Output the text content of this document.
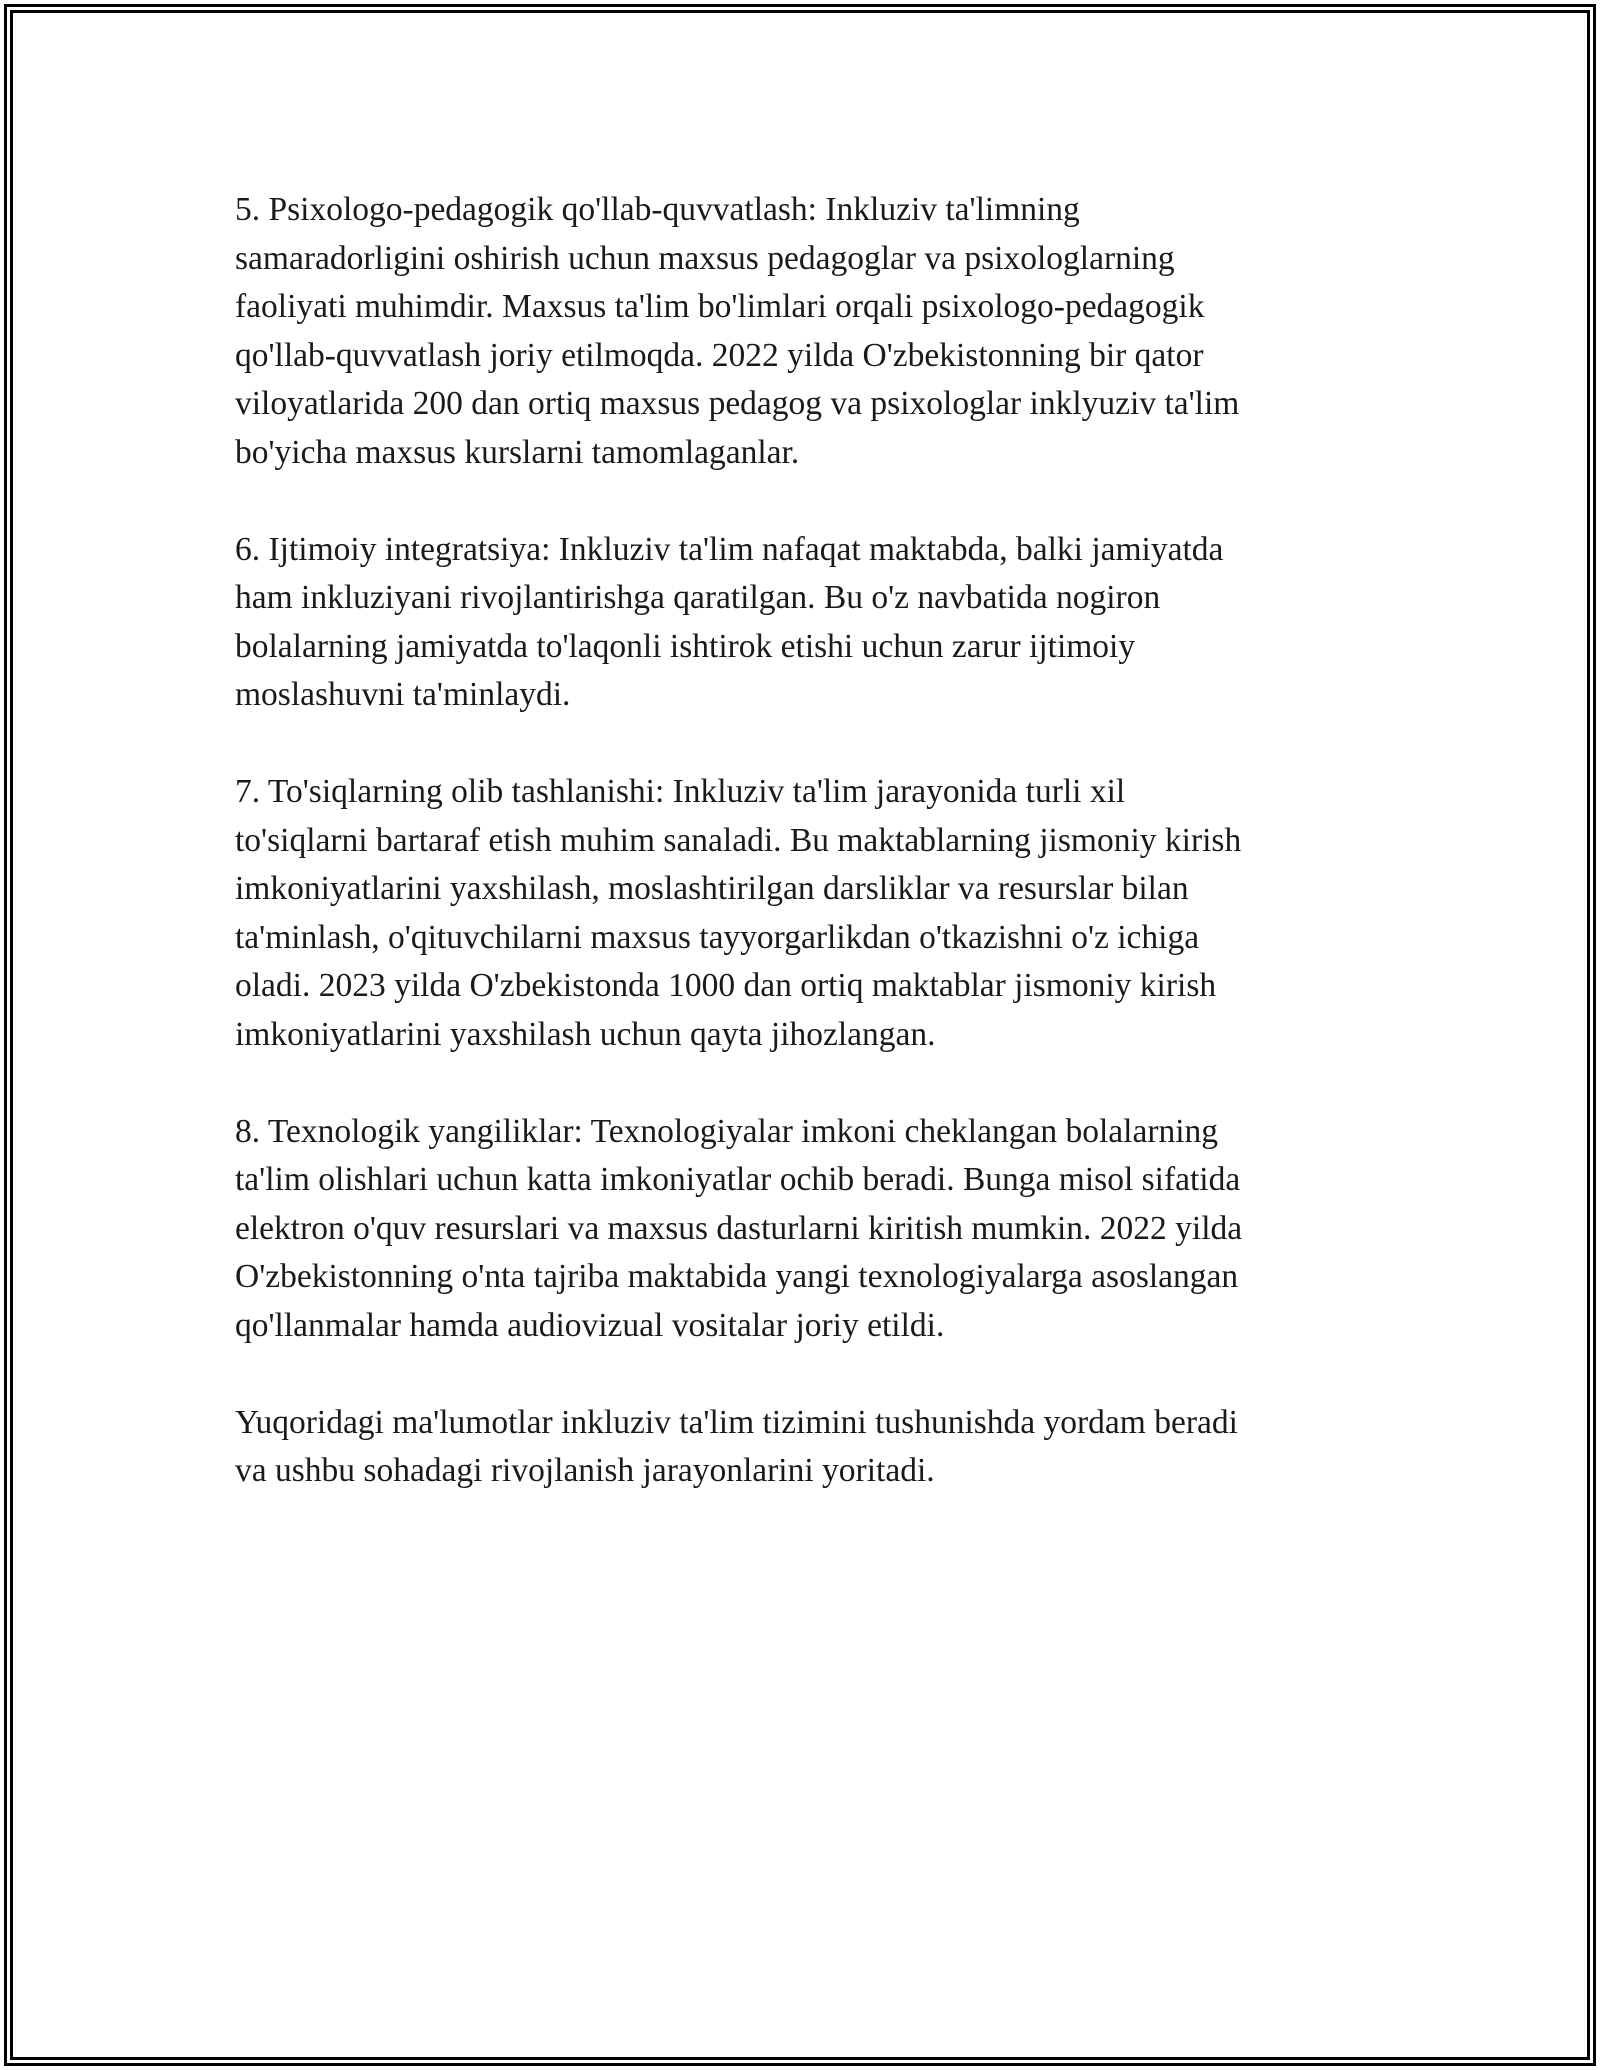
5. Psixologo-pedagogik qo'llab-quvvatlash: Inkluziv ta'limning
samaradorligini oshirish uchun maxsus pedagoglar va psixologlarning
faoliyati muhimdir. Maxsus ta'lim bo'limlari orqali psixologo-pedagogik
qo'llab-quvvatlash joriy etilmoqda. 2022 yilda O'zbekistonning bir qator
viloyatlarida 200 dan ortiq maxsus pedagog va psixologlar inklyuziv ta'lim
bo'yicha maxsus kurslarni tamomlaganlar.

6. Ijtimoiy integratsiya: Inkluziv ta'lim nafaqat maktabda, balki jamiyatda
ham inkluziyani rivojlantirishga qaratilgan. Bu o'z navbatida nogiron
bolalarning jamiyatda to'laqonli ishtirok etishi uchun zarur ijtimoiy
moslashuvni ta'minlaydi.

7. To'siqlarning olib tashlanishi: Inkluziv ta'lim jarayonida turli xil
to'siqlarni bartaraf etish muhim sanaladi. Bu maktablarning jismoniy kirish
imkoniyatlarini yaxshilash, moslashtirilgan darsliklar va resurslar bilan
ta'minlash, o'qituvchilarni maxsus tayyorgarlikdan o'tkazishni o'z ichiga
oladi. 2023 yilda O'zbekistonda 1000 dan ortiq maktablar jismoniy kirish
imkoniyatlarini yaxshilash uchun qayta jihozlangan.

8. Texnologik yangiliklar: Texnologiyalar imkoni cheklangan bolalarning
ta'lim olishlari uchun katta imkoniyatlar ochib beradi. Bunga misol sifatida
elektron o'quv resurslari va maxsus dasturlarni kiritish mumkin. 2022 yilda
O'zbekistonning o'nta tajriba maktabida yangi texnologiyalarga asoslangan
qo'llanmalar hamda audiovizual vositalar joriy etildi.

Yuqoridagi ma'lumotlar inkluziv ta'lim tizimini tushunishda yordam beradi
va ushbu sohadagi rivojlanish jarayonlarini yoritadi.
